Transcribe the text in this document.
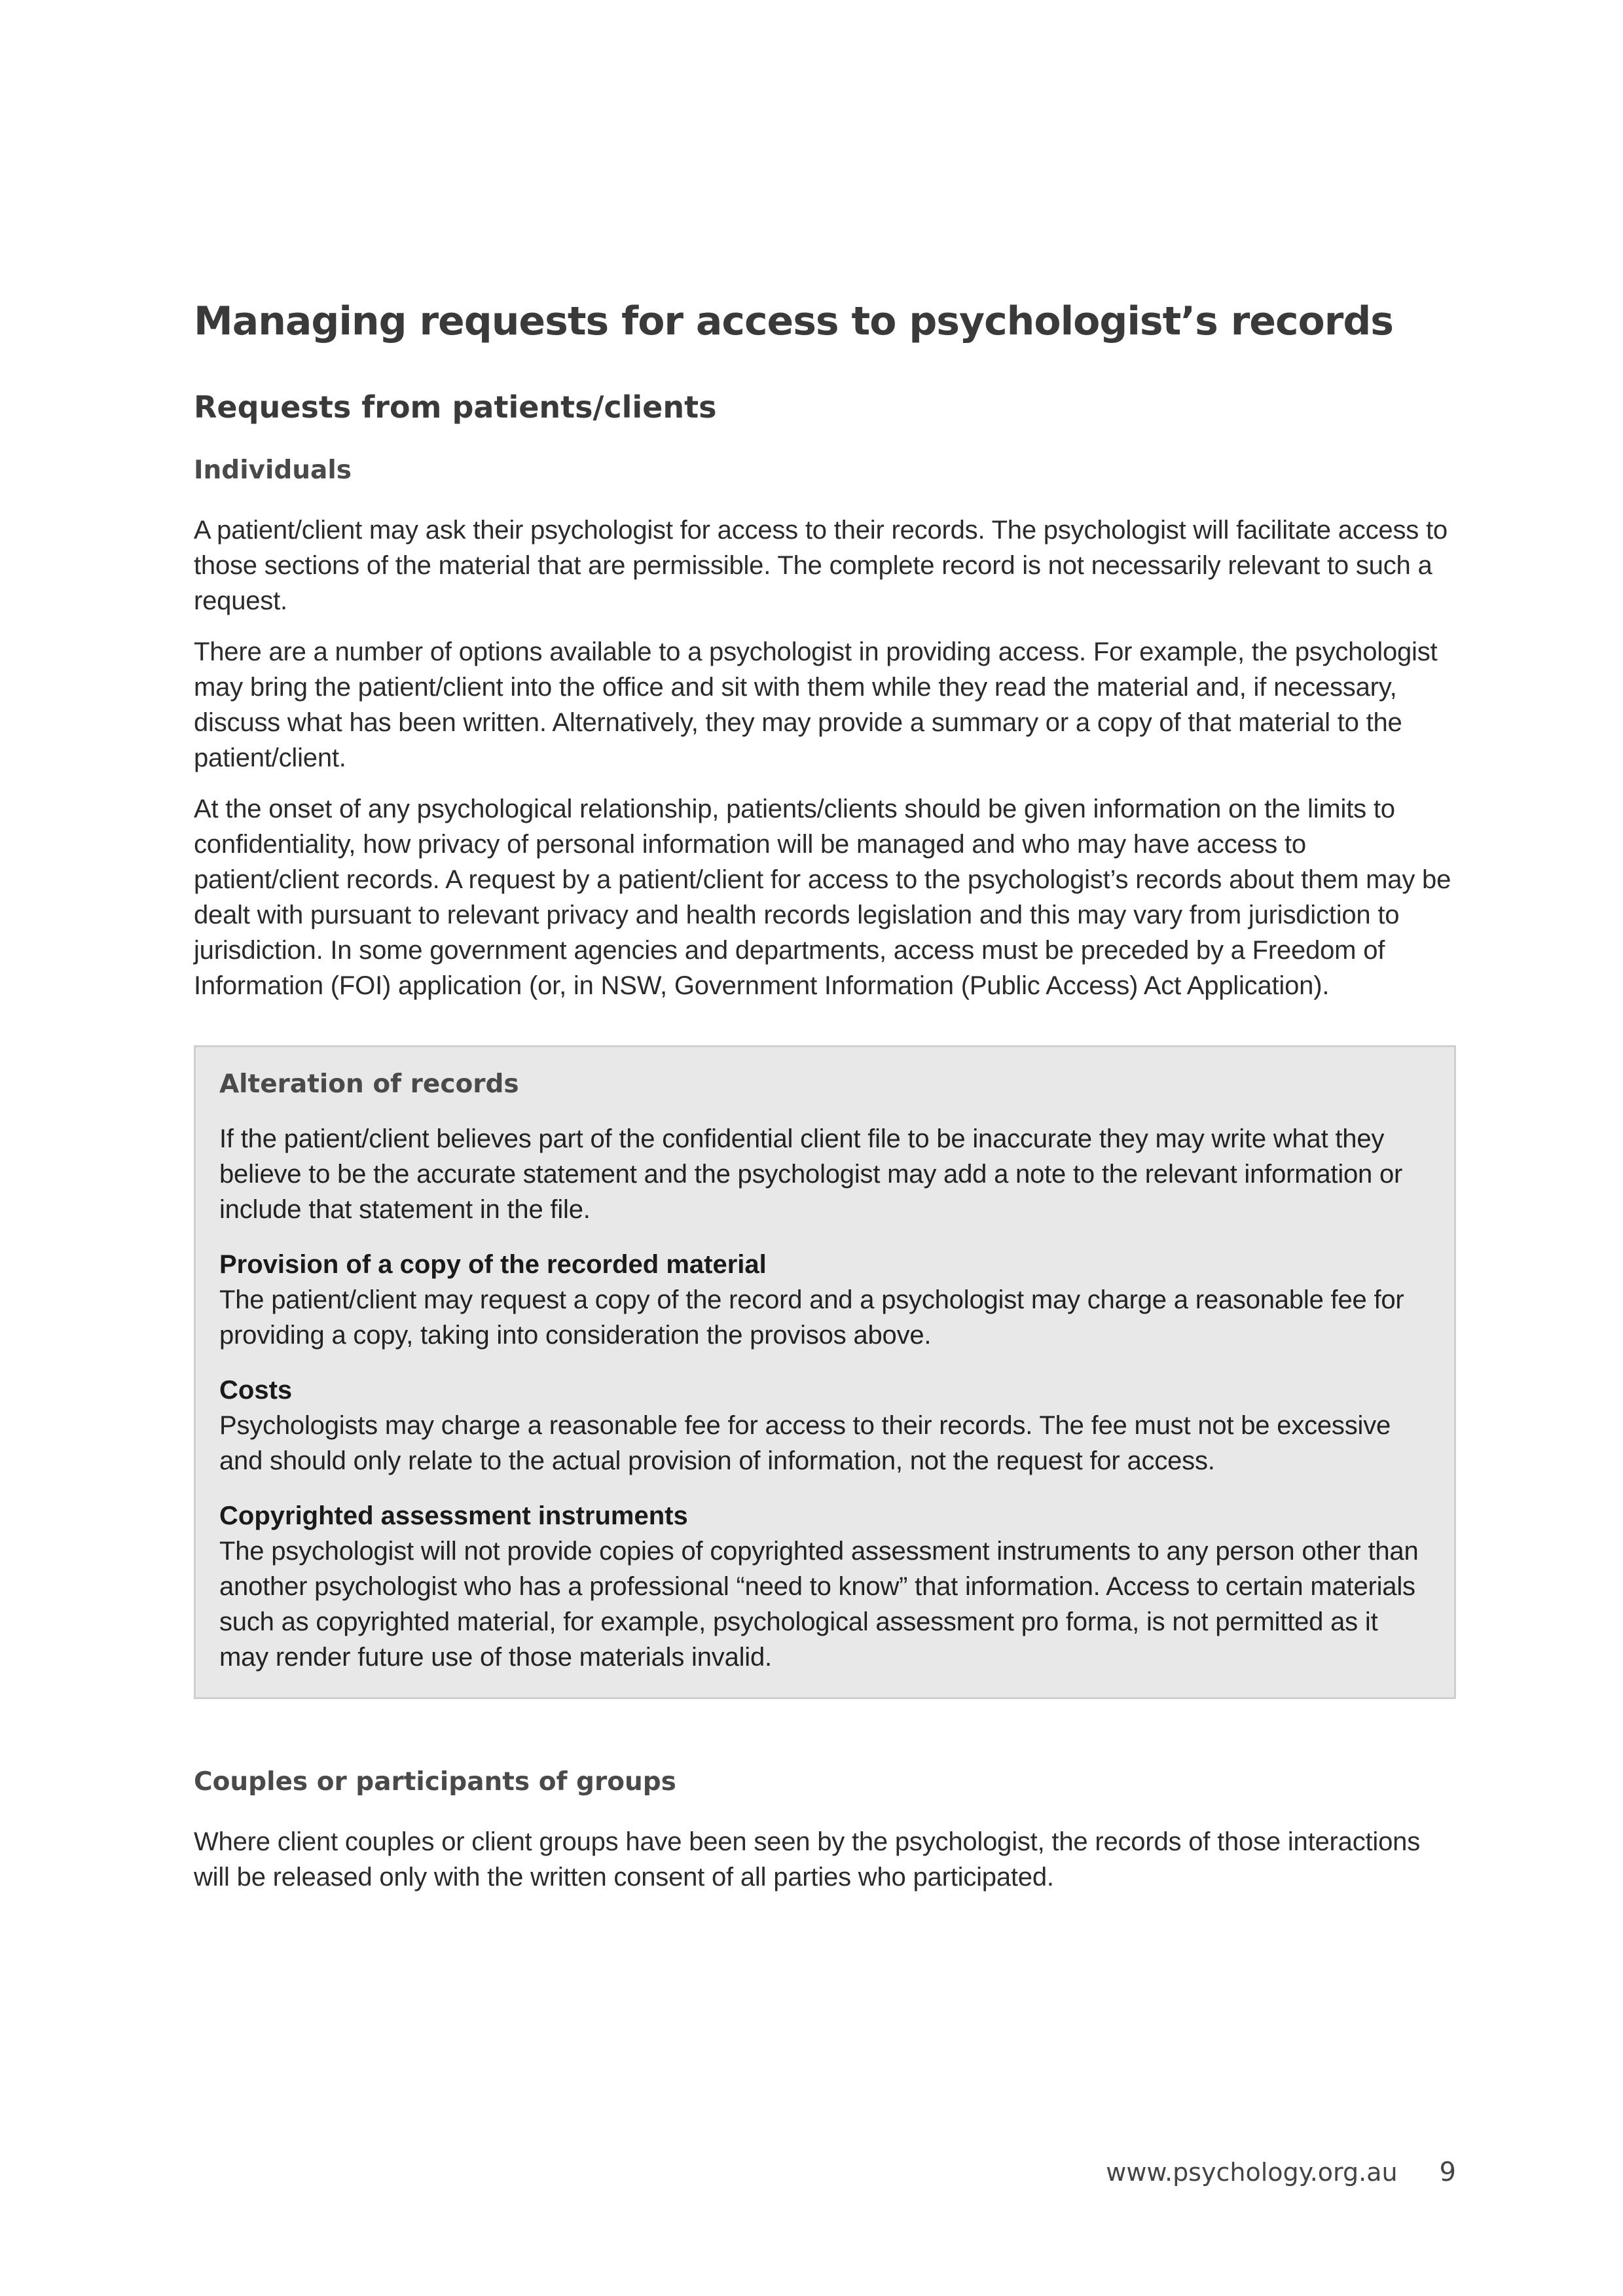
Managing requests for access to psychologist’s records
Requests from patients/clients
Individuals

A patient/client may ask their psychologist for access to their records. The psychologist will facilitate access to those sections of the material that are permissible. The complete record is not necessarily relevant to such a request.

There are a number of options available to a psychologist in providing access. For example, the psychologist may bring the patient/client into the office and sit with them while they read the material and, if necessary, discuss what has been written. Alternatively, they may provide a summary or a copy of that material to the patient/client.

At the onset of any psychological relationship, patients/clients should be given information on the limits to confidentiality, how privacy of personal information will be managed and who may have access to patient/client records. A request by a patient/client for access to the psychologist’s records about them may be dealt with pursuant to relevant privacy and health records legislation and this may vary from jurisdiction to jurisdiction. In some government agencies and departments, access must be preceded by a Freedom of Information (FOI) application (or, in NSW, Government Information (Public Access) Act Application).

Alteration of records

If the patient/client believes part of the confidential client file to be inaccurate they may write what they believe to be the accurate statement and the psychologist may add a note to the relevant information or include that statement in the file.

Provision of a copy of the recorded material

The patient/client may request a copy of the record and a psychologist may charge a reasonable fee for providing a copy, taking into consideration the provisos above.

Costs

Psychologists may charge a reasonable fee for access to their records. The fee must not be excessive and should only relate to the actual provision of information, not the request for access.

Copyrighted assessment instruments

The psychologist will not provide copies of copyrighted assessment instruments to any person other than another psychologist who has a professional “need to know” that information. Access to certain materials such as copyrighted material, for example, psychological assessment pro forma, is not permitted as it may render future use of those materials invalid.

Couples or participants of groups

Where client couples or client groups have been seen by the psychologist, the records of those interactions will be released only with the written consent of all parties who participated.

www.psychology.org.au 9
